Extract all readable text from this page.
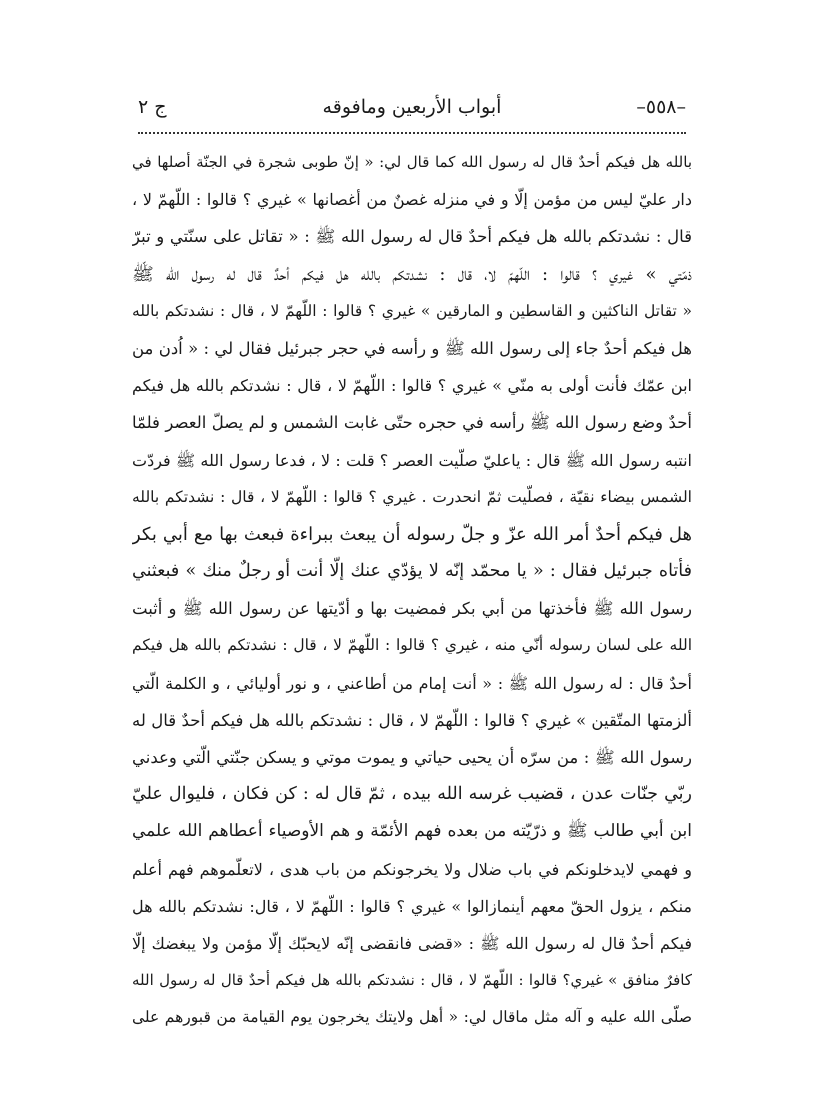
–٥٥٨–
أبواب الأربعين ومافوقه
ج ٢
بالله هل فيكم أحدٌ قال له رسول الله كما قال لي: « إنّ طوبى شجرة في الجنّة أصلها في
دار عليّ ليس من مؤمن إلّا و في منزله غصنٌ من أغصانها » غيري ؟ قالوا : اللّهمّ لا ،
قال : نشدتكم بالله هل فيكم أحدٌ قال له رسول الله ﷺ : « تقاتل على سنّتي و تبرّ
ذمّتي » غيري ؟ قالوا : اللّهمّ لا، قال : نشدتكم بالله هل فيكم أحدٌ قال له رسول الله ﷺ
« تقاتل الناكثين و القاسطين و المارقين » غيري ؟ قالوا : اللّهمّ لا ، قال : نشدتكم بالله
هل فيكم أحدٌ جاء إلى رسول الله ﷺ و رأسه في حجر جبرئيل فقال لي : « اُدن من
ابن عمّك فأنت أولى به منّي » غيري ؟ قالوا : اللّهمّ لا ، قال : نشدتكم بالله هل فيكم
أحدٌ وضع رسول الله ﷺ رأسه في حجره حتّى غابت الشمس و لم يصلّ العصر فلمّا
انتبه رسول الله ﷺ قال : ياعليّ صلّيت العصر ؟ قلت : لا ، فدعا رسول الله ﷺ فردّت
الشمس بيضاء نقيّة ، فصلّيت ثمّ انحدرت . غيري ؟ قالوا : اللّهمّ لا ، قال : نشدتكم بالله
هل فيكم أحدٌ أمر الله عزّ و جلّ رسوله أن يبعث ببراءة فبعث بها مع أبي بكر
فأتاه جبرئيل فقال : « يا محمّد إنّه لا يؤدّي عنك إلّا أنت أو رجلٌ منك » فبعثني
رسول الله ﷺ فأخذتها من أبي بكر فمضيت بها و أدّيتها عن رسول الله ﷺ و أثبت
الله على لسان رسوله أنّي منه ، غيري ؟ قالوا : اللّهمّ لا ، قال : نشدتكم بالله هل فيكم
أحدٌ قال : له رسول الله ﷺ : « أنت إمام من أطاعني ، و نور أوليائي ، و الكلمة الّتي
ألزمتها المتّقين » غيري ؟ قالوا : اللّهمّ لا ، قال : نشدتكم بالله هل فيكم أحدٌ قال له
رسول الله ﷺ : من سرّه أن يحيى حياتي و يموت موتي و يسكن جنّتي الّتي وعدني
ربّي جنّات عدن ، قضيب غرسه الله بيده ، ثمّ قال له : كن فكان ، فليوال عليّ
ابن أبي طالب ﷺ و ذرّيّته من بعده فهم الأئمّة و هم الأوصياء أعطاهم الله علمي
و فهمي لايدخلونكم في باب ضلال ولا يخرجونكم من باب هدى ، لاتعلّموهم فهم أعلم
منكم ، يزول الحقّ معهم أينمازالوا » غيري ؟ قالوا : اللّهمّ لا ، قال: نشدتكم بالله هل
فيكم أحدٌ قال له رسول الله ﷺ : «قضى فانقضى إنّه لايحبّك إلّا مؤمن ولا يبغضك إلّا
كافرٌ منافق » غيري؟ قالوا : اللّهمّ لا ، قال : نشدتكم بالله هل فيكم أحدٌ قال له رسول الله
صلّى الله عليه و آله مثل ماقال لي: « أهل ولايتك يخرجون يوم القيامة من قبورهم على
